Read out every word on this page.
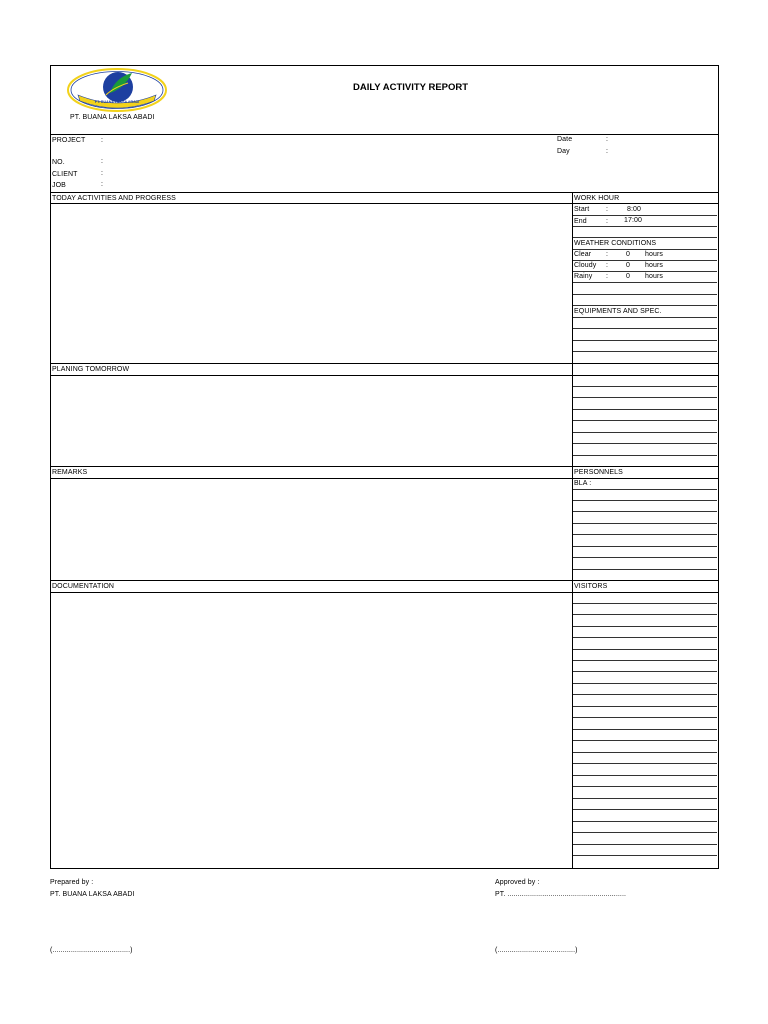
PT. BUANA LAKSA ABADI
PT. BUANA LAKSA ABADI
DAILY ACTIVITY REPORT
PROJECT :
NO.	:
CLIENT	:
JOB	:
Date	:
Day	:
TODAY ACTIVITIES AND PROGRESS
PLANING TOMORROW
REMARKS
DOCUMENTATION
WORK HOUR
Start :	8:00
End	: 17:00
WEATHER CONDITIONS
Clear :	0 hours
Cloudy :	0 hours
Rainy :	0 hours
EQUIPMENTS AND SPEC.
PERSONNELS
BLA :
VISITORS
Prepared by :
PT. BUANA LAKSA ABADI
Approved by :
PT. ..........................................................
(......................................)	(......................................)
